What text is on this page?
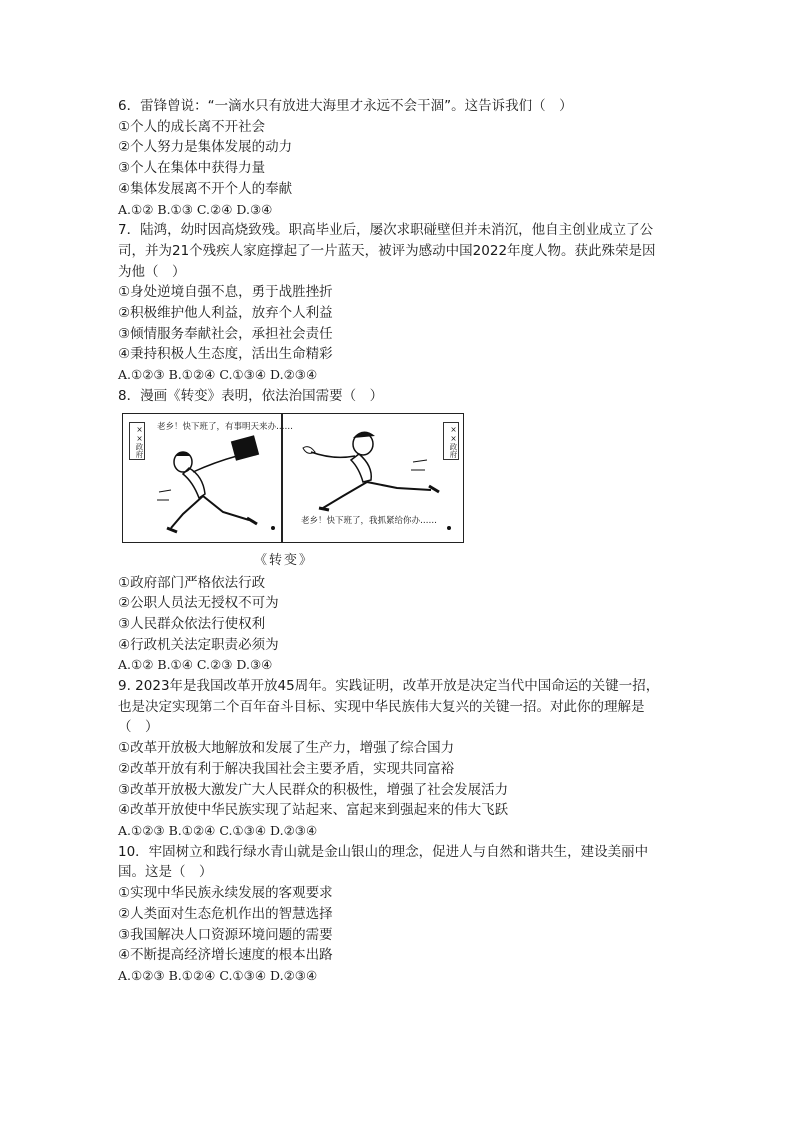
6．雷锋曾说：“一滴水只有放进大海里才永远不会干涸”。这告诉我们（　）

①个人的成长离不开社会

②个人努力是集体发展的动力

③个人在集体中获得力量

④集体发展离不开个人的奉献

A.①② B.①③ C.②④ D.③④

7．陆鸿，幼时因高烧致残。职高毕业后，屡次求职碰壁但并未消沉，他自主创业成立了公

司，并为21个残疾人家庭撑起了一片蓝天，被评为感动中国2022年度人物。获此殊荣是因

为他（　）

①身处逆境自强不息，勇于战胜挫折

②积极维护他人利益，放弃个人利益

③倾情服务奉献社会，承担社会责任

④秉持积极人生态度，活出生命精彩

A.①②③ B.①②④ C.①③④ D.②③④

8．漫画《转变》表明，依法治国需要（　）

××政府 老乡！快下班了，有事明天来办……	××政府
老乡！快下班了，我抓紧给你办……
《转变》

①政府部门严格依法行政

②公职人员法无授权不可为

③人民群众依法行使权利

④行政机关法定职责必须为

A.①② B.①④ C.②③ D.③④

9. 2023年是我国改革开放45周年。实践证明，改革开放是决定当代中国命运的关键一招，

也是决定实现第二个百年奋斗目标、实现中华民族伟大复兴的关键一招。对此你的理解是

（　）

①改革开放极大地解放和发展了生产力，增强了综合国力

②改革开放有利于解决我国社会主要矛盾，实现共同富裕

③改革开放极大激发广大人民群众的积极性，增强了社会发展活力

④改革开放使中华民族实现了站起来、富起来到强起来的伟大飞跃

A.①②③ B.①②④ C.①③④ D.②③④

10．牢固树立和践行绿水青山就是金山银山的理念，促进人与自然和谐共生，建设美丽中

国。这是（　）

①实现中华民族永续发展的客观要求

②人类面对生态危机作出的智慧选择

③我国解决人口资源环境问题的需要

④不断提高经济增长速度的根本出路

A.①②③ B.①②④ C.①③④ D.②③④
